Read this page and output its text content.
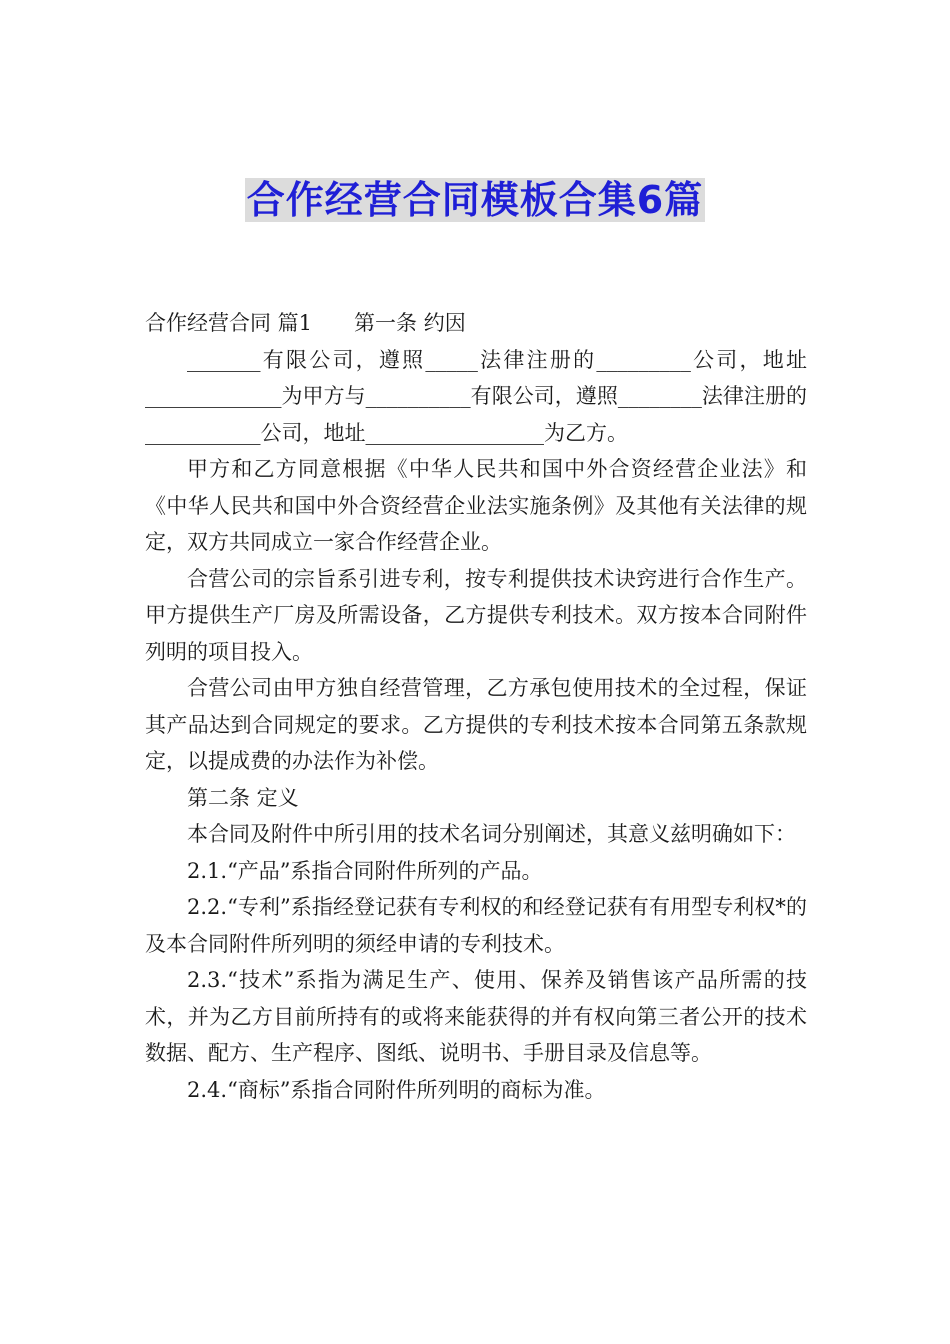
合作经营合同模板合集6篇

合作经营合同 篇1 第一条 约因

_______有限公司，遵照_____法律注册的_________公司，地址_____________为甲方与__________有限公司，遵照________法律注册的___________公司，地址_________________为乙方。

甲方和乙方同意根据《中华人民共和国中外合资经营企业法》和《中华人民共和国中外合资经营企业法实施条例》及其他有关法律的规定，双方共同成立一家合作经营企业。

合营公司的宗旨系引进专利，按专利提供技术诀窍进行合作生产。甲方提供生产厂房及所需设备，乙方提供专利技术。双方按本合同附件列明的项目投入。

合营公司由甲方独自经营管理，乙方承包使用技术的全过程，保证其产品达到合同规定的要求。乙方提供的专利技术按本合同第五条款规定，以提成费的办法作为补偿。

第二条 定义

本合同及附件中所引用的技术名词分别阐述，其意义兹明确如下：

2.1.“产品”系指合同附件所列的产品。

2.2.“专利”系指经登记获有专利权的和经登记获有有用型专利权*的及本合同附件所列明的须经申请的专利技术。

2.3.“技术”系指为满足生产、使用、保养及销售该产品所需的技术，并为乙方目前所持有的或将来能获得的并有权向第三者公开的技术数据、配方、生产程序、图纸、说明书、手册目录及信息等。

2.4.“商标”系指合同附件所列明的商标为准。
